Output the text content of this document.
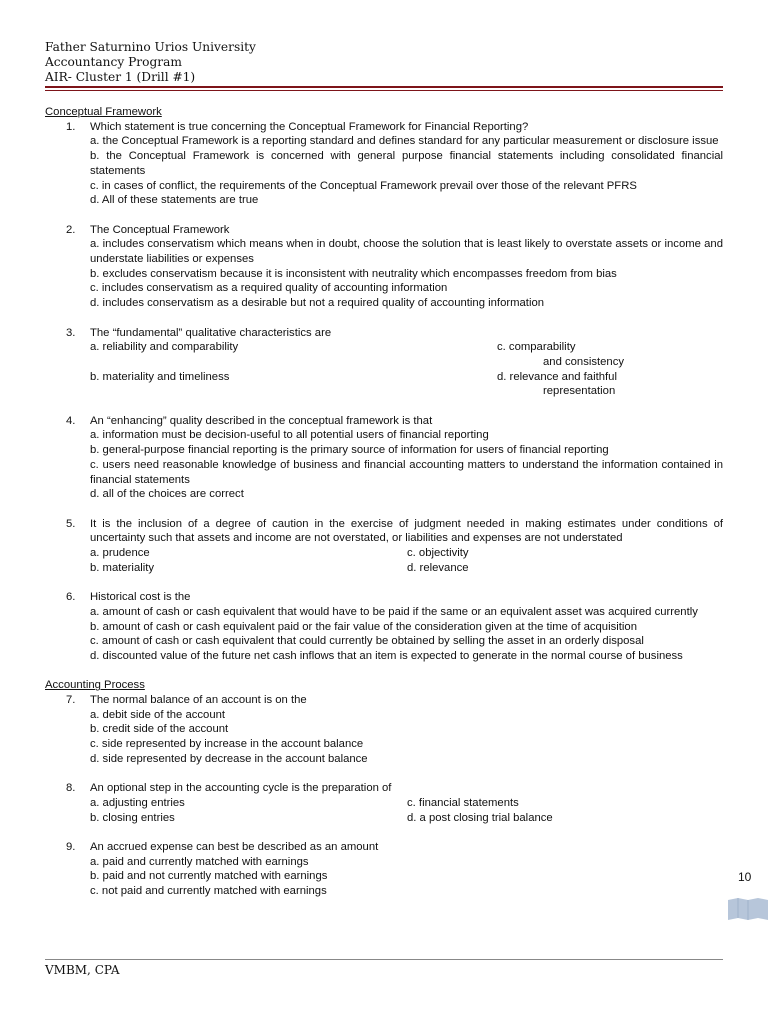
Father Saturnino Urios University
Accountancy Program
AIR- Cluster 1 (Drill #1)
Conceptual Framework
1. Which statement is true concerning the Conceptual Framework for Financial Reporting?
a. the Conceptual Framework is a reporting standard and defines standard for any particular measurement or disclosure issue
b. the Conceptual Framework is concerned with general purpose financial statements including consolidated financial statements
c. in cases of conflict, the requirements of the Conceptual Framework prevail over those of the relevant PFRS
d. All of these statements are true
2. The Conceptual Framework
a. includes conservatism which means when in doubt, choose the solution that is least likely to overstate assets or income and understate liabilities or expenses
b. excludes conservatism because it is inconsistent with neutrality which encompasses freedom from bias
c. includes conservatism as a required quality of accounting information
d. includes conservatism as a desirable but not a required quality of accounting information
3. The “fundamental” qualitative characteristics are
a. reliability and comparability	c. comparability
and consistency
b. materiality and timeliness	d. relevance and faithful
representation
4. An “enhancing” quality described in the conceptual framework is that
a. information must be decision-useful to all potential users of financial reporting
b. general-purpose financial reporting is the primary source of information for users of financial reporting
c. users need reasonable knowledge of business and financial accounting matters to understand the information contained in financial statements
d. all of the choices are correct
5. It is the inclusion of a degree of caution in the exercise of judgment needed in making estimates under conditions of uncertainty such that assets and income are not overstated, or liabilities and expenses are not understated
a. prudence	c. objectivity
b. materiality	d. relevance
6. Historical cost is the
a. amount of cash or cash equivalent that would have to be paid if the same or an equivalent asset was acquired currently
b. amount of cash or cash equivalent paid or the fair value of the consideration given at the time of acquisition
c. amount of cash or cash equivalent that could currently be obtained by selling the asset in an orderly disposal
d. discounted value of the future net cash inflows that an item is expected to generate in the normal course of business
Accounting Process
7. The normal balance of an account is on the
a. debit side of the account
b. credit side of the account
c. side represented by increase in the account balance
d. side represented by decrease in the account balance
8. An optional step in the accounting cycle is the preparation of
a. adjusting entries	c. financial statements
b. closing entries	d. a post closing trial balance
9. An accrued expense can best be described as an amount
a. paid and currently matched with earnings
b. paid and not currently matched with earnings
c. not paid and currently matched with earnings
10
VMBM, CPA
